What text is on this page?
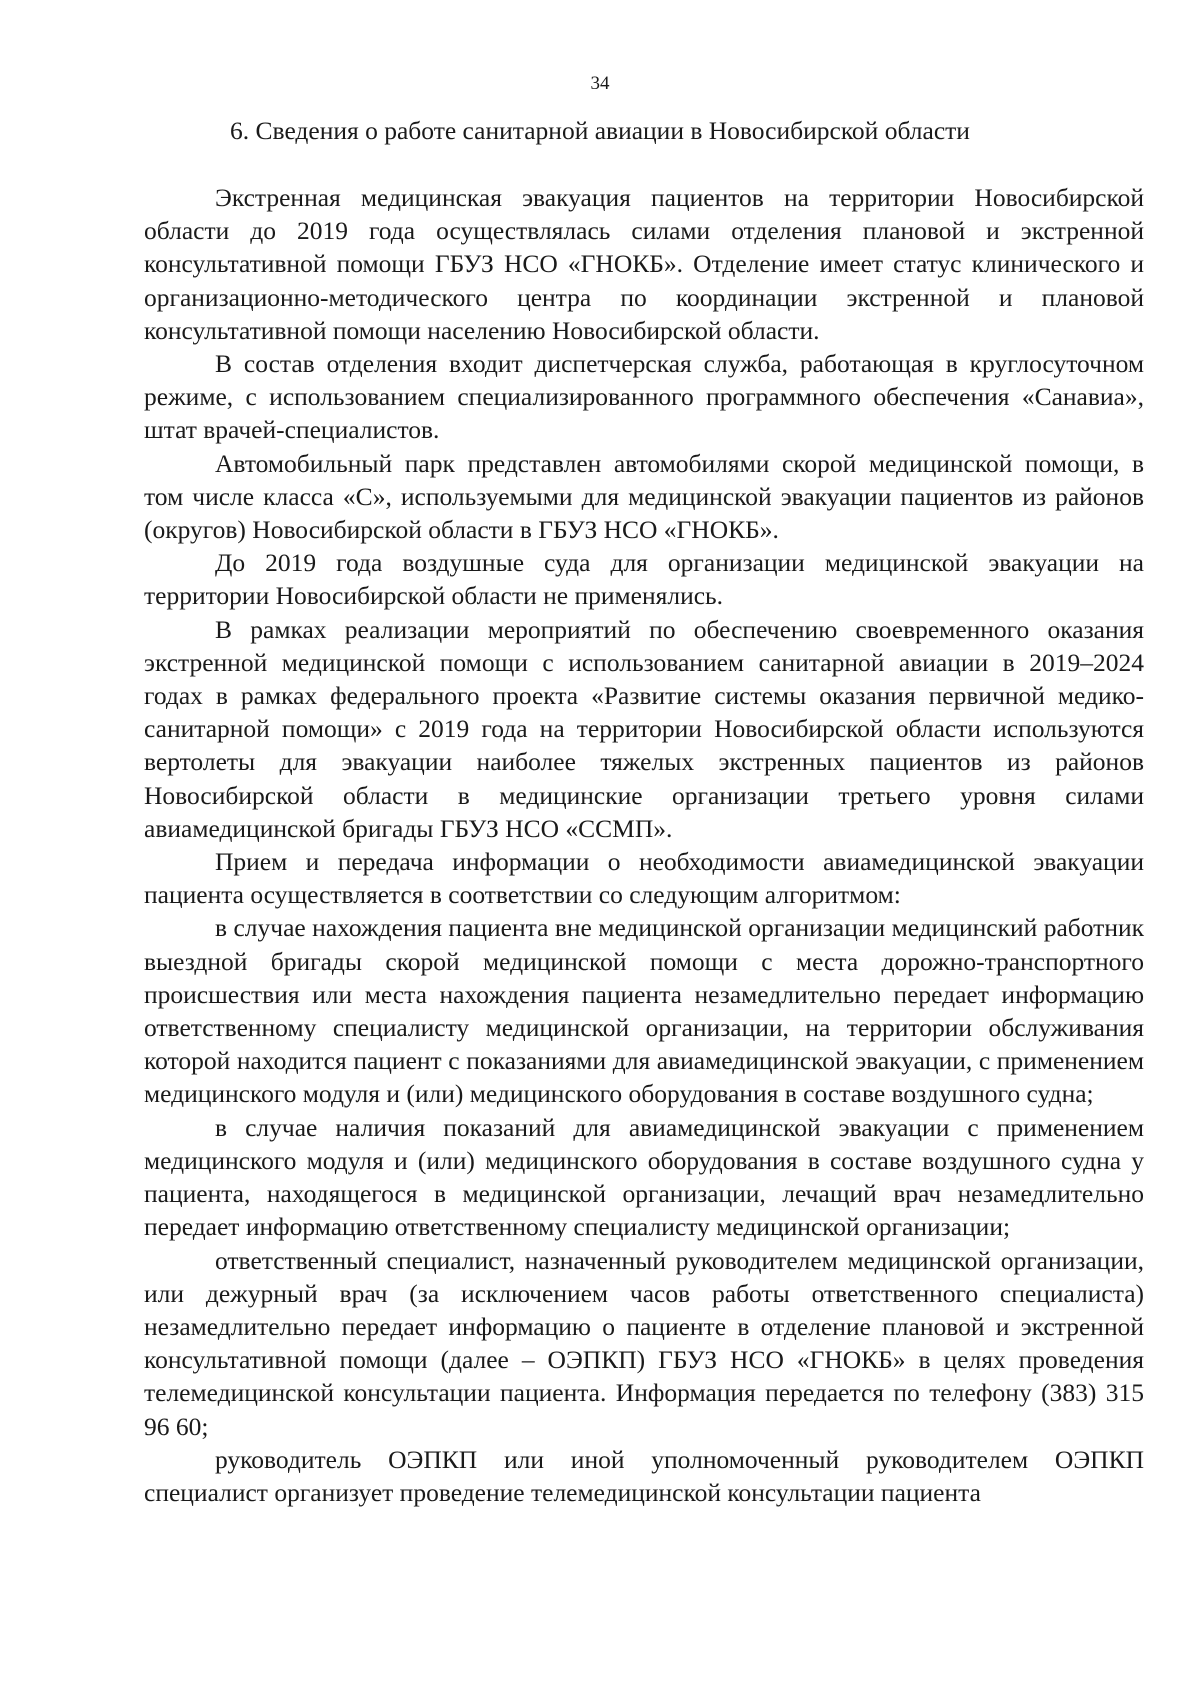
34
6. Сведения о работе санитарной авиации в Новосибирской области

Экстренная медицинская эвакуация пациентов на территории Новосибирской области до 2019 года осуществлялась силами отделения плановой и экстренной консультативной помощи ГБУЗ НСО «ГНОКБ». Отделение имеет статус клинического и организационно-методического центра по координации экстренной и плановой консультативной помощи населению Новосибирской области.

В состав отделения входит диспетчерская служба, работающая в круглосуточном режиме, с использованием специализированного программного обеспечения «Санавиа», штат врачей-специалистов.

Автомобильный парк представлен автомобилями скорой медицинской помощи, в том числе класса «С», используемыми для медицинской эвакуации пациентов из районов (округов) Новосибирской области в ГБУЗ НСО «ГНОКБ».

До 2019 года воздушные суда для организации медицинской эвакуации на территории Новосибирской области не применялись.

В рамках реализации мероприятий по обеспечению своевременного оказания экстренной медицинской помощи с использованием санитарной авиации в 2019–2024 годах в рамках федерального проекта «Развитие системы оказания первичной медико-санитарной помощи» с 2019 года на территории Новосибирской области используются вертолеты для эвакуации наиболее тяжелых экстренных пациентов из районов Новосибирской области в медицинские организации третьего уровня силами авиамедицинской бригады ГБУЗ НСО «ССМП».

Прием и передача информации о необходимости авиамедицинской эвакуации пациента осуществляется в соответствии со следующим алгоритмом:

в случае нахождения пациента вне медицинской организации медицинский работник выездной бригады скорой медицинской помощи с места дорожно-транспортного происшествия или места нахождения пациента незамедлительно передает информацию ответственному специалисту медицинской организации, на территории обслуживания которой находится пациент с показаниями для авиамедицинской эвакуации, с применением медицинского модуля и (или) медицинского оборудования в составе воздушного судна;

в случае наличия показаний для авиамедицинской эвакуации с применением медицинского модуля и (или) медицинского оборудования в составе воздушного судна у пациента, находящегося в медицинской организации, лечащий врач незамедлительно передает информацию ответственному специалисту медицинской организации;

ответственный специалист, назначенный руководителем медицинской организации, или дежурный врач (за исключением часов работы ответственного специалиста) незамедлительно передает информацию о пациенте в отделение плановой и экстренной консультативной помощи (далее – ОЭПКП) ГБУЗ НСО «ГНОКБ» в целях проведения телемедицинской консультации пациента. Информация передается по телефону (383) 315 96 60;

руководитель ОЭПКП или иной уполномоченный руководителем ОЭПКП специалист организует проведение телемедицинской консультации пациента
